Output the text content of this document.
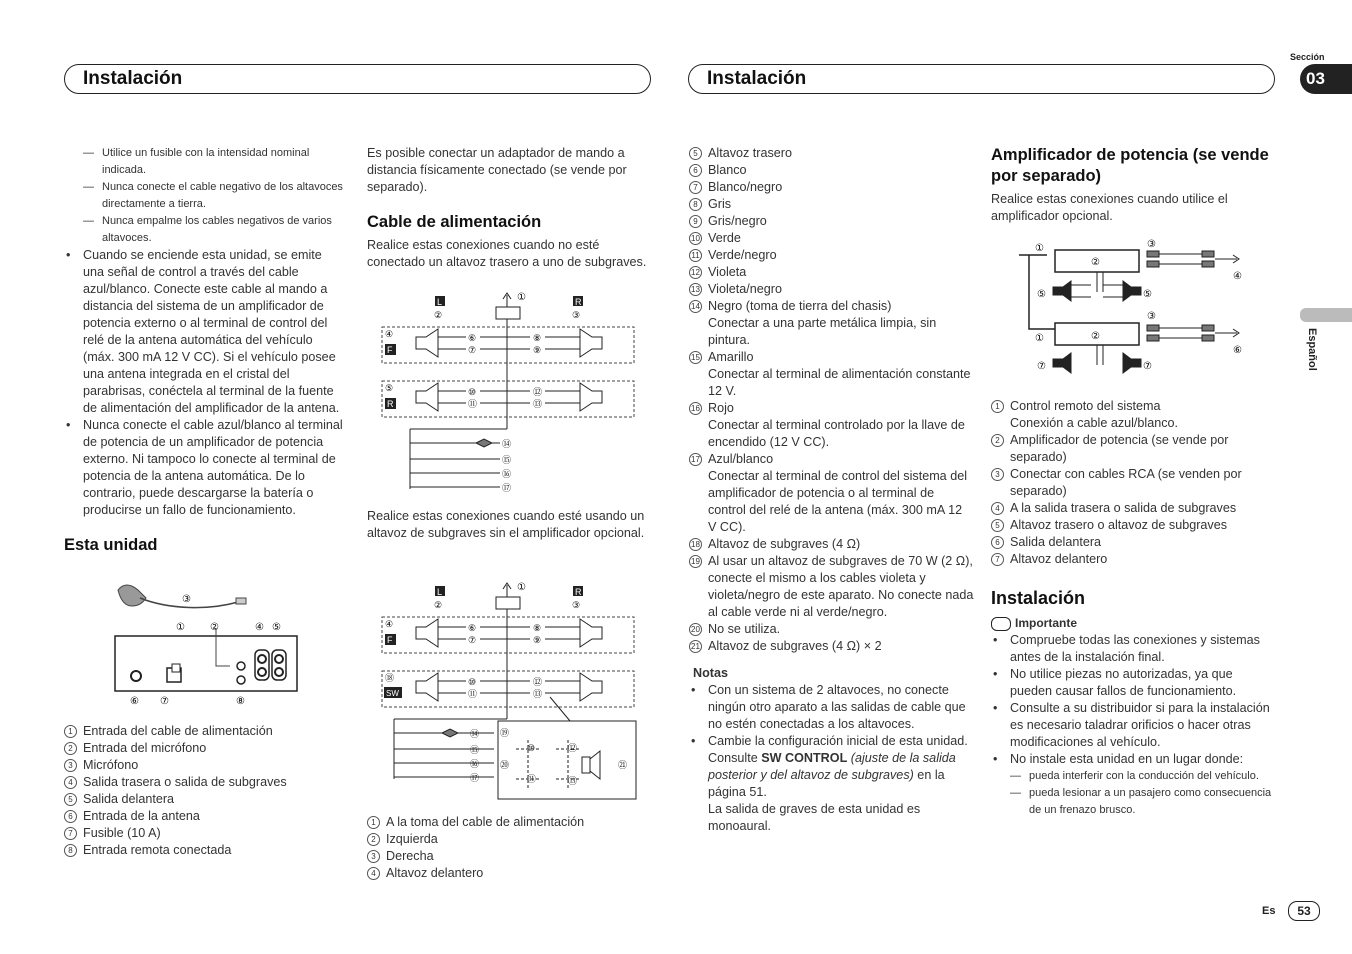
Instalación	Instalación
Sección
03
Español
— Utilice un fusible con la intensidad nominal indicada.
— Nunca conecte el cable negativo de los altavoces directamente a tierra.
— Nunca empalme los cables negativos de varios altavoces.
• Cuando se enciende esta unidad, se emite una señal de control a través del cable azul/blanco. Conecte este cable al mando a distancia del sistema de un amplificador de potencia externo o al terminal de control del relé de la antena automática del vehículo (máx. 300 mA 12 V CC). Si el vehículo posee una antena integrada en el cristal del parabrisas, conéctela al terminal de la fuente de alimentación del amplificador de la antena.
• Nunca conecte el cable azul/blanco al terminal de potencia de un amplificador de potencia externo. Ni tampoco lo conecte al terminal de potencia de la antena automática. De lo contrario, puede descargarse la batería o producirse un fallo de funcionamiento.
Esta unidad
③
①	②	④ ⑤
⑥ ⑦	⑧
1 Entrada del cable de alimentación
2 Entrada del micrófono
3 Micrófono
4 Salida trasera o salida de subgraves
5 Salida delantera
6 Entrada de la antena
7 Fusible (10 A)
8 Entrada remota conectada

Es posible conectar un adaptador de mando a distancia físicamente conectado (se vende por separado).

Cable de alimentación

Realice estas conexiones cuando no esté conectado un altavoz trasero a uno de subgraves.

L	R
②	③
①
④
F
⑤
R
⑥
⑦
⑧
⑨
⑩
⑪
⑫
⑬
⑭
⑮
⑯
⑰

Realice estas conexiones cuando esté usando un altavoz de subgraves sin el amplificador opcional.

L	R
②	③
①
④
F
⑱
SW
⑥
⑦
⑧
⑨
⑩
⑪
⑫
⑬
⑭
⑮
⑯
⑰
⑲
⑳
⑩
⑪
⑫
⑬
㉑
1 A la toma del cable de alimentación
2 Izquierda
3 Derecha
4 Altavoz delantero
5 Altavoz trasero
6 Blanco
7 Blanco/negro
8 Gris
9 Gris/negro
10 Verde
11 Verde/negro
12 Violeta
13 Violeta/negro
14 Negro (toma de tierra del chasis)
Conectar a una parte metálica limpia, sin pintura.
15 Amarillo
Conectar al terminal de alimentación constante 12 V.
16 Rojo
Conectar al terminal controlado por la llave de encendido (12 V CC).
17 Azul/blanco
Conectar al terminal de control del sistema del amplificador de potencia o al terminal de control del relé de la antena (máx. 300 mA 12 V CC).
18 Altavoz de subgraves (4 Ω)
19 Al usar un altavoz de subgraves de 70 W (2 Ω), conecte el mismo a los cables violeta y violeta/negro de este aparato. No conecte nada al cable verde ni al verde/negro.
20 No se utiliza.
21 Altavoz de subgraves (4 Ω) × 2
Notas
• Con un sistema de 2 altavoces, no conecte ningún otro aparato a las salidas de cable que no estén conectadas a los altavoces.
• Cambie la configuración inicial de esta unidad. Consulte SW CONTROL (ajuste de la salida posterior y del altavoz de subgraves) en la página 51.
La salida de graves de esta unidad es monoaural.
Amplificador de potencia (se vende por separado)

Realice estas conexiones cuando utilice el amplificador opcional.

①	③
②
②
①
③
④
⑥
⑤	⑤
⑦	⑦
1 Control remoto del sistema
Conexión a cable azul/blanco.
2 Amplificador de potencia (se vende por separado)
3 Conectar con cables RCA (se venden por separado)
4 A la salida trasera o salida de subgraves
5 Altavoz trasero o altavoz de subgraves
6 Salida delantera
7 Altavoz delantero
Instalación
Importante
• Compruebe todas las conexiones y sistemas antes de la instalación final.
• No utilice piezas no autorizadas, ya que pueden causar fallos de funcionamiento.
• Consulte a su distribuidor si para la instalación es necesario taladrar orificios o hacer otras modificaciones al vehículo.
• No instale esta unidad en un lugar donde:
— pueda interferir con la conducción del vehículo.
— pueda lesionar a un pasajero como consecuencia de un frenazo brusco.
Es	53
